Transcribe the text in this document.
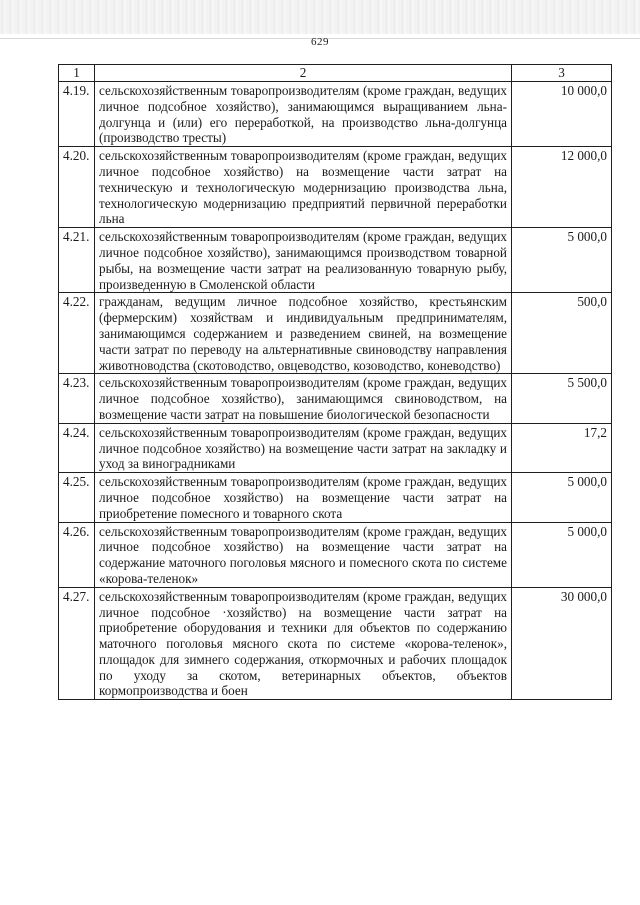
629
1	2	3
4.19.	сельскохозяйственным товаропроизводителям (кроме граждан, ведущих личное подсобное хозяйство), занимающимся выращиванием льна-долгунца и (или) его переработкой, на производство льна-долгунца (производство тресты)	10 000,0
4.20.	сельскохозяйственным товаропроизводителям (кроме граждан, ведущих личное подсобное хозяйство) на возмещение части затрат на техническую и технологическую модернизацию производства льна, технологическую модернизацию предприятий первичной переработки льна	12 000,0
4.21.	сельскохозяйственным товаропроизводителям (кроме граждан, ведущих личное подсобное хозяйство), занимающимся производством товарной рыбы, на возмещение части затрат на реализованную товарную рыбу, произведенную в Смоленской области	5 000,0
4.22.	гражданам, ведущим личное подсобное хозяйство, крестьянским (фермерским) хозяйствам и индивидуальным предпринимателям, занимающимся содержанием и разведением свиней, на возмещение части затрат по переводу на альтернативные свиноводству направления животноводства (скотоводство, овцеводство, козоводство, коневодство)	500,0
4.23.	сельскохозяйственным товаропроизводителям (кроме граждан, ведущих личное подсобное хозяйство), занимающимся свиноводством, на возмещение части затрат на повышение биологической безопасности	5 500,0
4.24.	сельскохозяйственным товаропроизводителям (кроме граждан, ведущих личное подсобное хозяйство) на возмещение части затрат на закладку и уход за виноградниками	17,2
4.25.	сельскохозяйственным товаропроизводителям (кроме граждан, ведущих личное подсобное хозяйство) на возмещение части затрат на приобретение помесного и товарного скота	5 000,0
4.26.	сельскохозяйственным товаропроизводителям (кроме граждан, ведущих личное подсобное хозяйство) на возмещение части затрат на содержание маточного поголовья мясного и помесного скота по системе «корова-теленок»	5 000,0
4.27.	сельскохозяйственным товаропроизводителям (кроме граждан, ведущих личное подсобное ·хозяйство) на возмещение части затрат на приобретение оборудования и техники для объектов по содержанию маточного поголовья мясного скота по системе «корова-теленок», площадок для зимнего содержания, откормочных и рабочих площадок по уходу за скотом, ветеринарных объектов, объектов кормопроизводства и боен	30 000,0
